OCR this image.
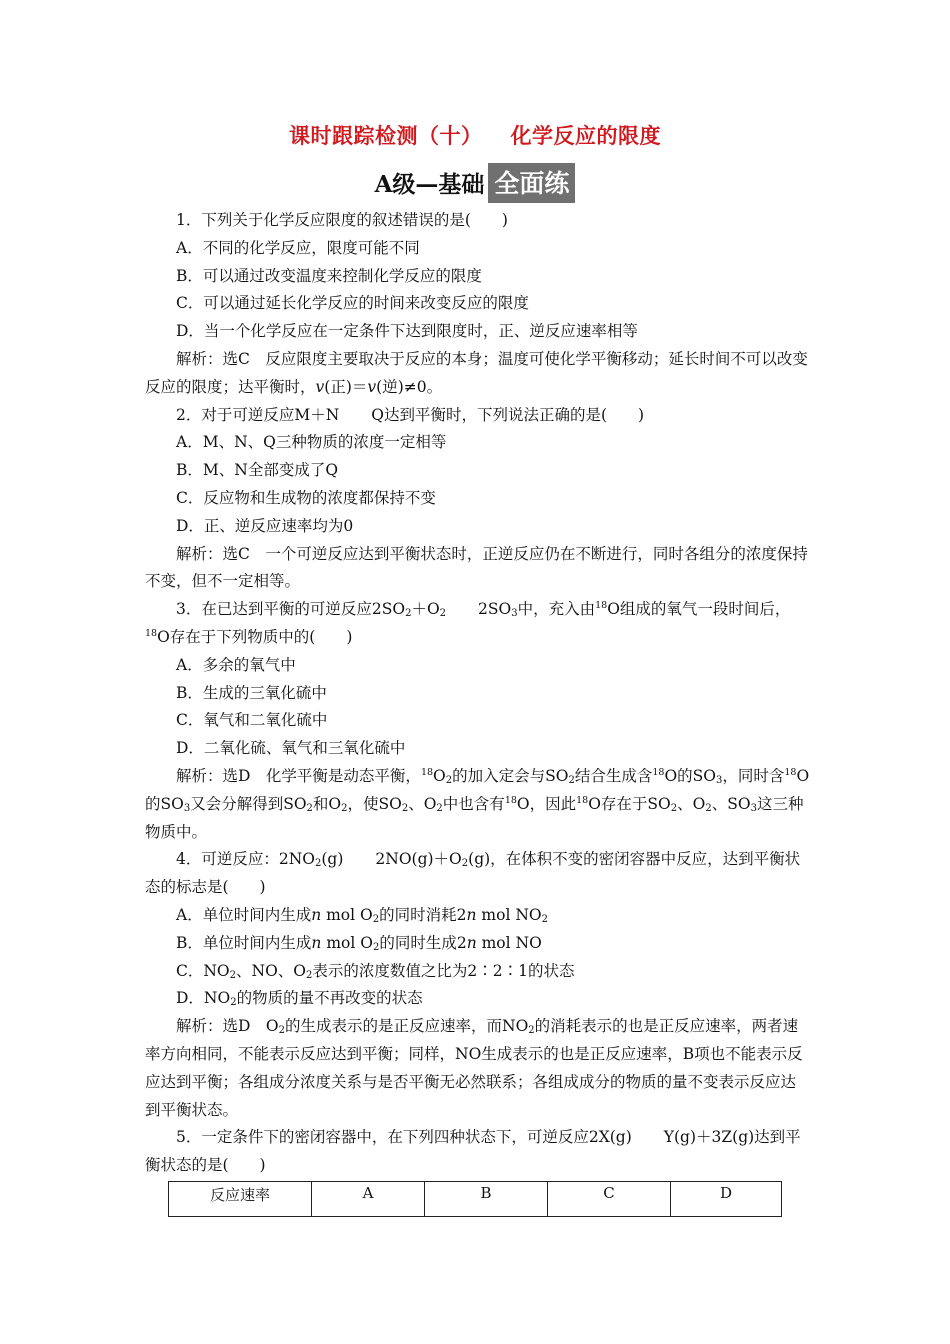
课时跟踪检测（十） 化学反应的限度
A级—基础 全面练

1．下列关于化学反应限度的叙述错误的是(　　)

A．不同的化学反应，限度可能不同

B．可以通过改变温度来控制化学反应的限度

C．可以通过延长化学反应的时间来改变反应的限度

D．当一个化学反应在一定条件下达到限度时，正、逆反应速率相等

解析：选C　反应限度主要取决于反应的本身；温度可使化学平衡移动；延长时间不可以改变反应的限度；达平衡时，v(正)＝v(逆)≠0。

2．对于可逆反应M＋N Q达到平衡时，下列说法正确的是(　　)

A．M、N、Q三种物质的浓度一定相等

B．M、N全部变成了Q

C．反应物和生成物的浓度都保持不变

D．正、逆反应速率均为0

解析：选C　一个可逆反应达到平衡状态时，正逆反应仍在不断进行，同时各组分的浓度保持不变，但不一定相等。

3．在已达到平衡的可逆反应$2SO_2+O_2$ $2SO_3$中，充入由$^{18}$O组成的氧气一段时间后，$^{18}$O存在于下列物质中的(　　)

A．多余的氧气中

B．生成的三氧化硫中

C．氧气和二氧化硫中

D．二氧化硫、氧气和三氧化硫中

解析：选D　化学平衡是动态平衡，$^{18}O_2$的加入定会与$SO_2$结合生成含$^{18}$O的$SO_3$，同时含$^{18}$O的$SO_3$又会分解得到$SO_2$和$O_2$，使$SO_2$、$O_2$中也含有$^{18}$O，因此$^{18}$O存在于$SO_2$、$O_2$、$SO_3$这三种物质中。

4．可逆反应：$2NO_2(g)$ $2NO(g)+O_2(g)$，在体积不变的密闭容器中反应，达到平衡状态的标志是(　　)

A．单位时间内生成n mol $O_2$的同时消耗2n mol $NO_2$

B．单位时间内生成n mol $O_2$的同时生成2n mol NO

C．$NO_2$、NO、$O_2$表示的浓度数值之比为2∶2∶1的状态

D．$NO_2$的物质的量不再改变的状态

解析：选D　$O_2$的生成表示的是正反应速率，而$NO_2$的消耗表示的也是正反应速率，两者速率方向相同，不能表示反应达到平衡；同样，NO生成表示的也是正反应速率，B项也不能表示反应达到平衡；各组成分浓度关系与是否平衡无必然联系；各组成成分的物质的量不变表示反应达到平衡状态。

5．一定条件下的密闭容器中，在下列四种状态下，可逆反应2X(g) Y(g)＋3Z(g)达到平衡状态的是(　　)

反应速率	A	B	C	D
